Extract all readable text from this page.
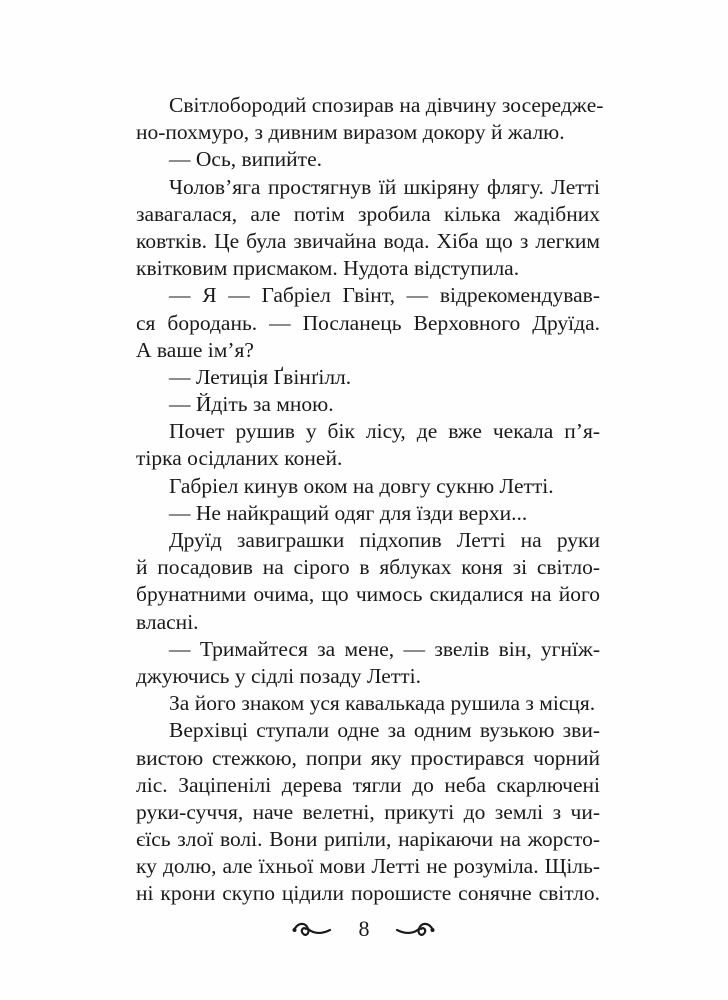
Світлобородий спозирав на дівчину зосереджe-
но-похмуро, з дивним виразом докору й жалю.
— Ось, випийте.
Чолов’яга простягнув їй шкіряну флягу. Летті
завагалася, але потім зробила кілька жадібних
ковтків. Це була звичайна вода. Хіба що з легким
квітковим присмаком. Нудота відступила.
— Я — Габріел Гвінт, — відрекомендував-
ся бородань. — Посланець Верховного Друїда.
А ваше ім’я?
— Летиція Ґвінґілл.
— Йдіть за мною.
Почет рушив у бік лісу, де вже чекала п’я-
тірка осідланих коней.
Габріел кинув оком на довгу сукню Летті.
— Не найкращий одяг для їзди верхи...
Друїд завиграшки підхопив Летті на руки
й посадовив на сірого в яблуках коня зі світло-
брунатними очима, що чимось скидалися на його
власні.
— Тримайтеся за мене, — звелів він, угнїж-
джуючись у сідлі позаду Летті.
За його знаком уся кавалькада рушила з місця.
Верхівці ступали одне за одним вузькою зви-
вистою стежкою, попри яку простирався чорний
ліс. Заціпенілі дерева тягли до неба скарлючені
руки-суччя, наче велетні, прикуті до землі з чи-
єїсь злої волі. Вони рипіли, нарікаючи на жорсто-
ку долю, але їхньої мови Летті не розуміла. Щіль-
ні крони скупо цідили порошисте сонячне світло.
8
